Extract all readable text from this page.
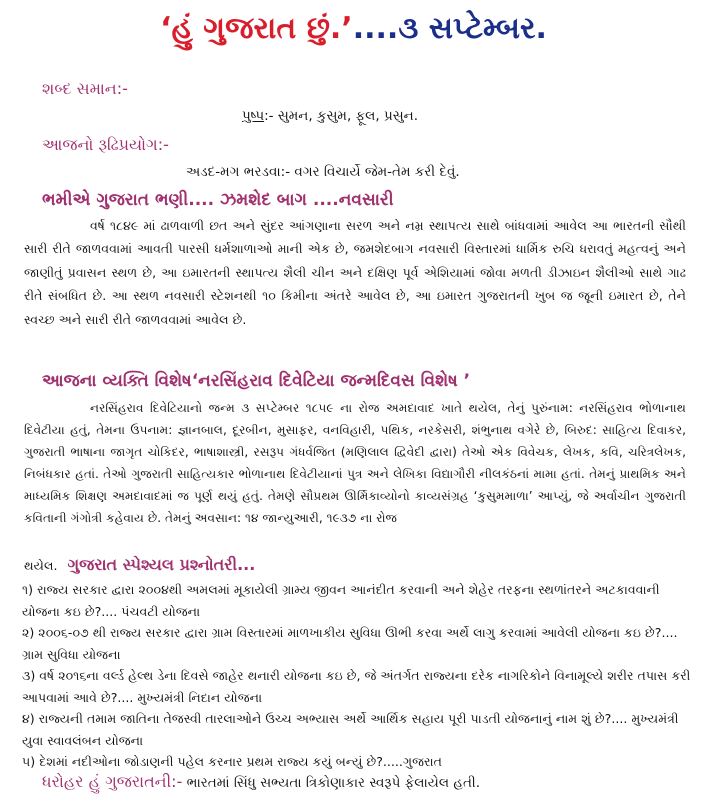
‘હું ગુજરાત છું.’....૩ સપ્ટેમ્બર.
શબ્દ સમાન:-
પુષ્પ:- સુમન, કુસુમ, ફૂલ, પ્રસુન.
આજનો રૂઢિપ્રયોગ:-
અડદ-મગ ભરડવા:- વગર વિચાર્યે જેમ-તેમ કરી દેવું.
ભમીએ ગુજરાત ભણી.... ઝમશેદ બાગ ....નવસારી
વર્ષ ૧૮૪૯ માં ઢાળવાળી છત અને સુંદર આંગણાના સરળ અને નમ્ર સ્થાપત્ય સાથે બાંધવામાં આવેલ આ ભારતની સૌથી સારી રીતે જાળવવામાં આવતી પારસી ધર્મશાળાઓ માની એક છે, જમશેદબાગ નવસારી વિસ્તારમાં ધાર્મિક રુચિ ધરાવતું મહત્વનું અને જાણીતું પ્રવાસન સ્થળ છે, આ ઇમારતની સ્થાપત્ય શૈલી ચીન અને દક્ષિણ પૂર્વ એશિયામાં જોવા મળતી ડીઝાઇન શૈલીઓ સાથે ગાઢ રીતે સંબધિત છે. આ સ્થળ નવસારી સ્ટેશનથી ૧૦ કિમીના અંતરે આવેલ છે, આ ઇમારત ગુજરાતની ખુબ જ જૂની ઇમારત છે, તેને સ્વચ્છ અને સારી રીતે જાળવવામાં આવેલ છે.
આજના વ્યક્તિ વિશેષ‘નરસિંહરાવ દિવેટિયા જન્મદિવસ વિશેષ ’
નરસિંહરાવ દિવેટિયાનો જન્મ ૩ સપ્ટેમ્બર ૧૮૫૯ ના રોજ અમદાવાદ ખાતે થયેલ, તેનું પુરુંનામ: નરસિંહરાવ ભોળાનાથ દિવેટીયા હતું, તેમના ઉપનામ: જ્ઞાનબાલ, દૂરબીન, મુસાફર, વનવિહારી, પથિક, નરકેસરી, શંભુનાથ વગેરે છે, બિરુદ: સાહિત્ય દિવાકર, ગુજરાતી ભાષાના જાગૃત ચોકિદર, ભાષાશાસ્ત્રી, રસરૂપ ગંધર્વજિત (મણિલાલ દ્વિવેદી દ્વારા) તેઓ એક વિવેચક, લેખક, કવિ, ચરિત્રલેખક, નિબંધકાર હતાં. તેઓ ગુજરાતી સાહિત્યકાર ભોળાનાથ દિવેટીયાનાં પુત્ર અને લેખિકા વિદ્યાગૌરી નીલકંઠનાં મામા હતાં. તેમનું પ્રાથમિક અને માધ્યમિક શિક્ષણ અમદાવાદમાં જ પૂર્ણ થયું હતું. તેમણે સૌપ્રથમ ઊર્મિકાવ્યોનો કાવ્યસંગ્રહ ‘કુસુમમાળા’ આપ્યું, જે અર્વાચીન ગુજરાતી કવિતાની ગંગોત્રી કહેવાય છે. તેમનું અવસાન: ૧૪ જાન્યુઆરી, ૧૯૩૭ ના રોજ
થયેલ. ગુજરાત સ્પેશ્યલ પ્રશ્નોતરી...

૧) રાજ્ય સરકાર દ્વારા ૨૦૦૪થી અમલમાં મૂકાયેલી ગ્રામ્ય જીવન આનંદીત કરવાની અને શેહેર તરફના સ્થળાંતરને અટકાવવાની યોજના કઇ છે?.... પંચવટી યોજના

૨) ૨૦૦૬-૦૭ થી રાજ્ય સરકાર દ્વારા ગ્રામ વિસ્તારમાં માળખાકીય સુવિધા ઊભી કરવા અર્થે લાગુ કરવામાં આવેલી યોજના કઇ છે?.... ગ્રામ સુવિધા યોજના

૩) વર્ષ ૨૦૧૬ના વર્લ્ડ હેલ્થ ડેના દિવસે જાહેર થનારી યોજના કઇ છે, જે અંતર્ગત રાજ્યના દરેક નાગરિકોને વિનામૂલ્યે શરીર તપાસ કરી આપવામાં આવે છે?.... મુખ્યમંત્રી નિદાન યોજના

૪) રાજ્યની તમામ જાતિના તેજસ્વી તારલાઓને ઉચ્ચ અભ્યાસ અર્થે આર્થિક સહાય પૂરી પાડતી યોજનાનું નામ શું છે?.... મુખ્યમંત્રી યુવા સ્વાવલંબન યોજના

૫) દેશમાં નદીઓના જોડાણની પહેલ કરનાર પ્રથમ રાજ્ય કયું બન્યું છે?.....ગુજરાત

ધરોહર હું ગુજરાતની:- ભારતમાં સિંધુ સભ્યતા ત્રિકોણાકાર સ્વરૂપે ફેલાયેલ હતી.
